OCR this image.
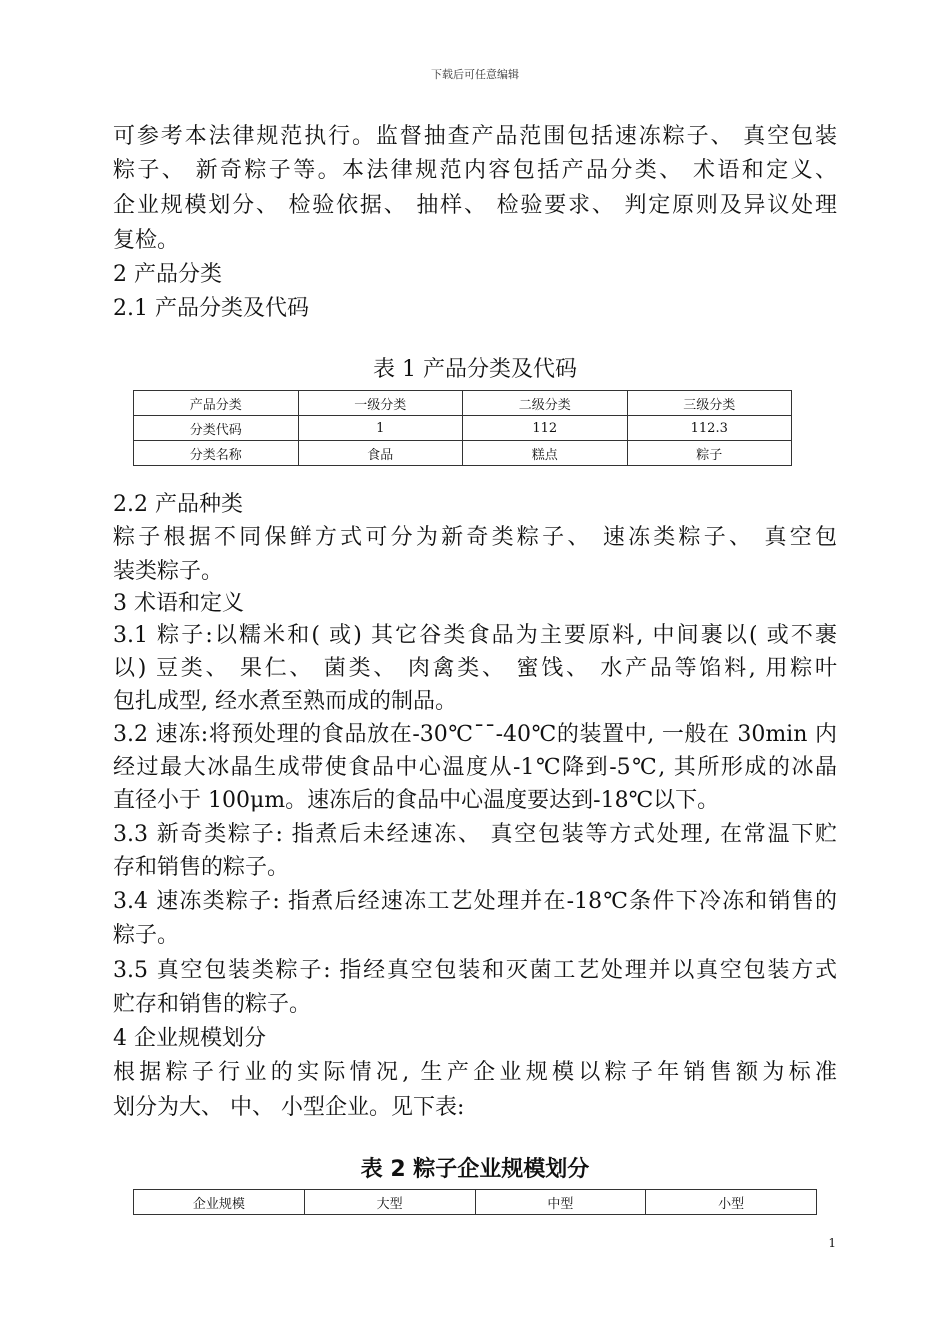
下载后可任意编辑
可参考本法律规范执行。监督抽查产品范围包括速冻粽子、 真空包装
粽子、 新奇粽子等。本法律规范内容包括产品分类、 术语和定义、
企业规模划分、 检验依据、 抽样、 检验要求、 判定原则及异议处理
复检。
2 产品分类
2.1 产品分类及代码
表 1 产品分类及代码
产品分类	一级分类	二级分类	三级分类
分类代码	1	112	112.3
分类名称	食品	糕点	粽子
2.2 产品种类
粽子根据不同保鲜方式可分为新奇类粽子、 速冻类粽子、 真空包
装类粽子。
3 术语和定义
3.1 粽子:以糯米和( 或) 其它谷类食品为主要原料, 中间裹以( 或不裹
以) 豆类、 果仁、 菌类、 肉禽类、 蜜饯、 水产品等馅料, 用粽叶
包扎成型, 经水煮至熟而成的制品。
3.2 速冻:将预处理的食品放在-30℃¯¯-40℃的装置中, 一般在 30min 内
经过最大冰晶生成带使食品中心温度从-1℃降到-5℃, 其所形成的冰晶
直径小于 100μm。速冻后的食品中心温度要达到-18℃以下。
3.3 新奇类粽子: 指煮后未经速冻、 真空包装等方式处理, 在常温下贮
存和销售的粽子。
3.4 速冻类粽子: 指煮后经速冻工艺处理并在-18℃条件下冷冻和销售的
粽子。
3.5 真空包装类粽子: 指经真空包装和灭菌工艺处理并以真空包装方式
贮存和销售的粽子。
4 企业规模划分
根据粽子行业的实际情况, 生产企业规模以粽子年销售额为标准
划分为大、 中、 小型企业。见下表:
表 2 粽子企业规模划分
企业规模	大型	中型	小型
1
